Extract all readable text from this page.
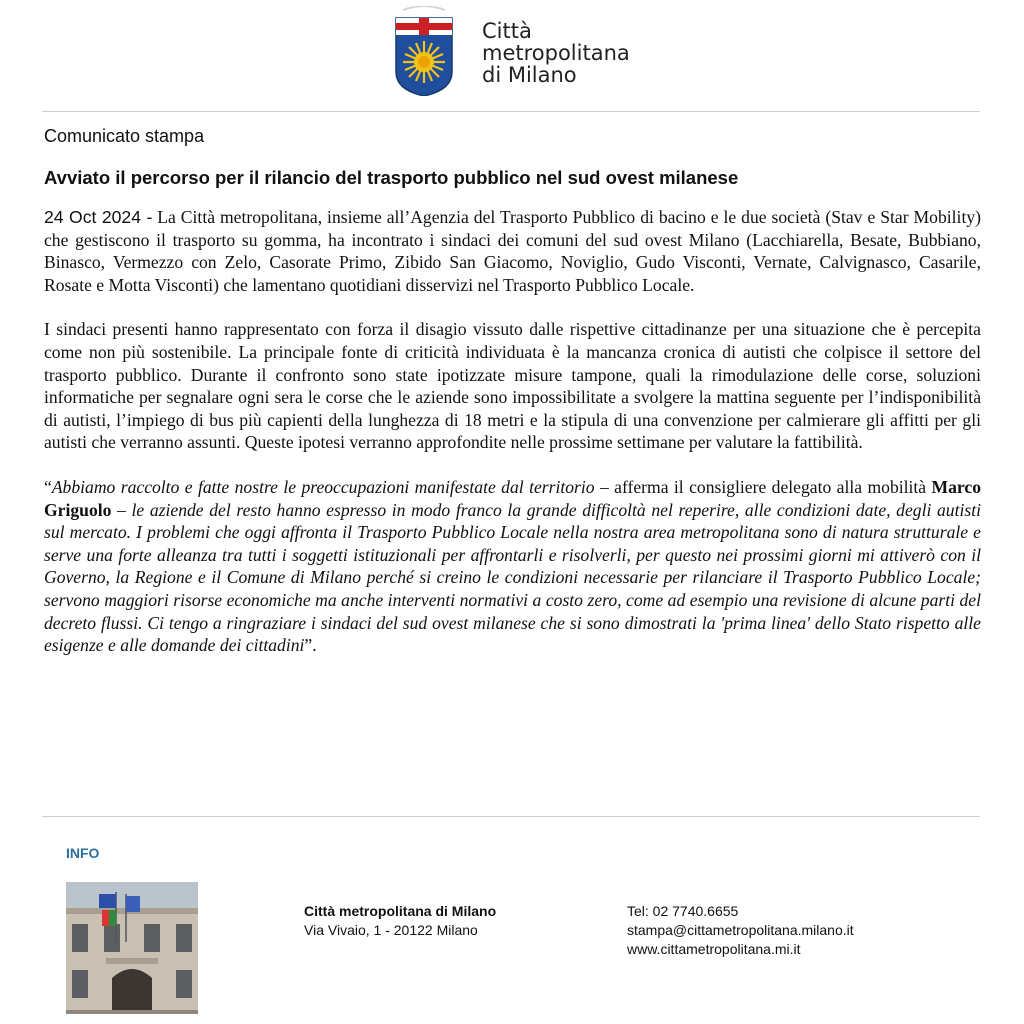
Città
metropolitana
di Milano
Comunicato stampa
Avviato il percorso per il rilancio del trasporto pubblico nel sud ovest milanese

24 Oct 2024 - La Città metropolitana, insieme all’Agenzia del Trasporto Pubblico di bacino e le due società (Stav e Star Mobility) che gestiscono il trasporto su gomma, ha incontrato i sindaci dei comuni del sud ovest Milano (Lacchiarella, Besate, Bubbiano, Binasco, Vermezzo con Zelo, Casorate Primo, Zibido San Giacomo, Noviglio, Gudo Visconti, Vernate, Calvignasco, Casarile, Rosate e Motta Visconti) che lamentano quotidiani disservizi nel Trasporto Pubblico Locale.

I sindaci presenti hanno rappresentato con forza il disagio vissuto dalle rispettive cittadinanze per una situazione che è percepita come non più sostenibile. La principale fonte di criticità individuata è la mancanza cronica di autisti che colpisce il settore del trasporto pubblico. Durante il confronto sono state ipotizzate misure tampone, quali la rimodulazione delle corse, soluzioni informatiche per segnalare ogni sera le corse che le aziende sono impossibilitate a svolgere la mattina seguente per l’indisponibilità di autisti, l’impiego di bus più capienti della lunghezza di 18 metri e la stipula di una convenzione per calmierare gli affitti per gli autisti che verranno assunti. Queste ipotesi verranno approfondite nelle prossime settimane per valutare la fattibilità.

“Abbiamo raccolto e fatte nostre le preoccupazioni manifestate dal territorio – afferma il consigliere delegato alla mobilità Marco Griguolo – le aziende del resto hanno espresso in modo franco la grande difficoltà nel reperire, alle condizioni date, degli autisti sul mercato. I problemi che oggi affronta il Trasporto Pubblico Locale nella nostra area metropolitana sono di natura strutturale e serve una forte alleanza tra tutti i soggetti istituzionali per affrontarli e risolverli, per questo nei prossimi giorni mi attiverò con il Governo, la Regione e il Comune di Milano perché si creino le condizioni necessarie per rilanciare il Trasporto Pubblico Locale; servono maggiori risorse economiche ma anche interventi normativi a costo zero, come ad esempio una revisione di alcune parti del decreto flussi. Ci tengo a ringraziare i sindaci del sud ovest milanese che si sono dimostrati la 'prima linea' dello Stato rispetto alle esigenze e alle domande dei cittadini”.

INFO
Città metropolitana di Milano
Via Vivaio, 1 - 20122 Milano
Tel: 02 7740.6655
stampa@cittametropolitana.milano.it
www.cittametropolitana.mi.it
